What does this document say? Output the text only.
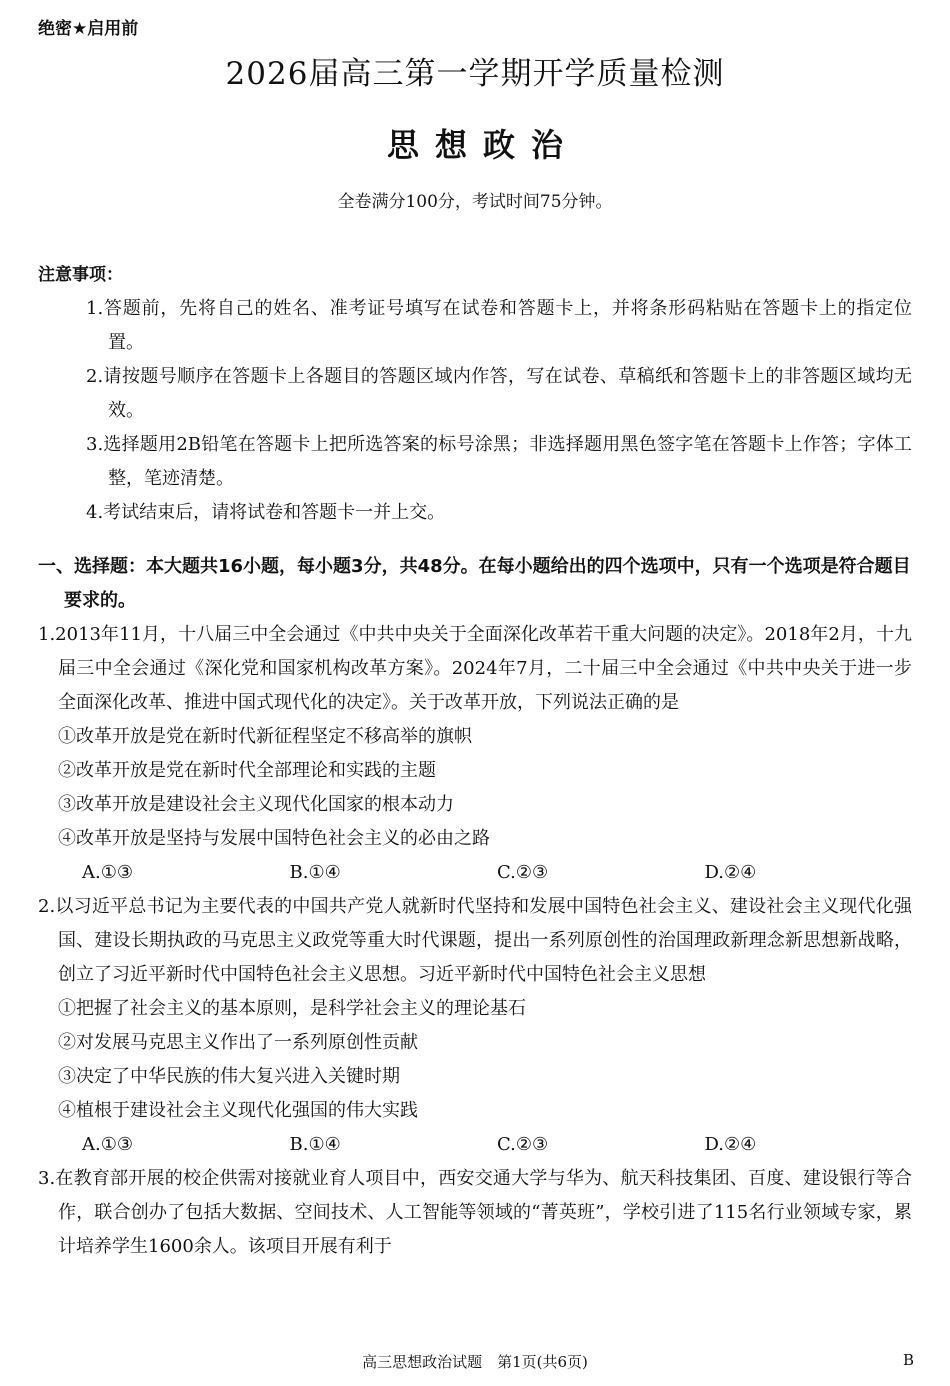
绝密★启用前
2026届高三第一学期开学质量检测
思想政治
全卷满分100分，考试时间75分钟。
注意事项：
1.答题前，先将自己的姓名、准考证号填写在试卷和答题卡上，并将条形码粘贴在答题卡上的指定位置。
2.请按题号顺序在答题卡上各题目的答题区域内作答，写在试卷、草稿纸和答题卡上的非答题区域均无效。
3.选择题用2B铅笔在答题卡上把所选答案的标号涂黑；非选择题用黑色签字笔在答题卡上作答；字体工整，笔迹清楚。
4.考试结束后，请将试卷和答题卡一并上交。
一、选择题：本大题共16小题，每小题3分，共48分。在每小题给出的四个选项中，只有一个选项是符合题目要求的。
1.2013年11月，十八届三中全会通过《中共中央关于全面深化改革若干重大问题的决定》。2018年2月，十九届三中全会通过《深化党和国家机构改革方案》。2024年7月，二十届三中全会通过《中共中央关于进一步全面深化改革、推进中国式现代化的决定》。关于改革开放，下列说法正确的是
①改革开放是党在新时代新征程坚定不移高举的旗帜
②改革开放是党在新时代全部理论和实践的主题
③改革开放是建设社会主义现代化国家的根本动力
④改革开放是坚持与发展中国特色社会主义的必由之路
A.①③	B.①④	C.②③	D.②④
2.以习近平总书记为主要代表的中国共产党人就新时代坚持和发展中国特色社会主义、建设社会主义现代化强国、建设长期执政的马克思主义政党等重大时代课题，提出一系列原创性的治国理政新理念新思想新战略，创立了习近平新时代中国特色社会主义思想。习近平新时代中国特色社会主义思想
①把握了社会主义的基本原则，是科学社会主义的理论基石
②对发展马克思主义作出了一系列原创性贡献
③决定了中华民族的伟大复兴进入关键时期
④植根于建设社会主义现代化强国的伟大实践
A.①③	B.①④	C.②③	D.②④
3.在教育部开展的校企供需对接就业育人项目中，西安交通大学与华为、航天科技集团、百度、建设银行等合作，联合创办了包括大数据、空间技术、人工智能等领域的“菁英班”，学校引进了115名行业领域专家，累计培养学生1600余人。该项目开展有利于
高三思想政治试题　第1页(共6页)	B
